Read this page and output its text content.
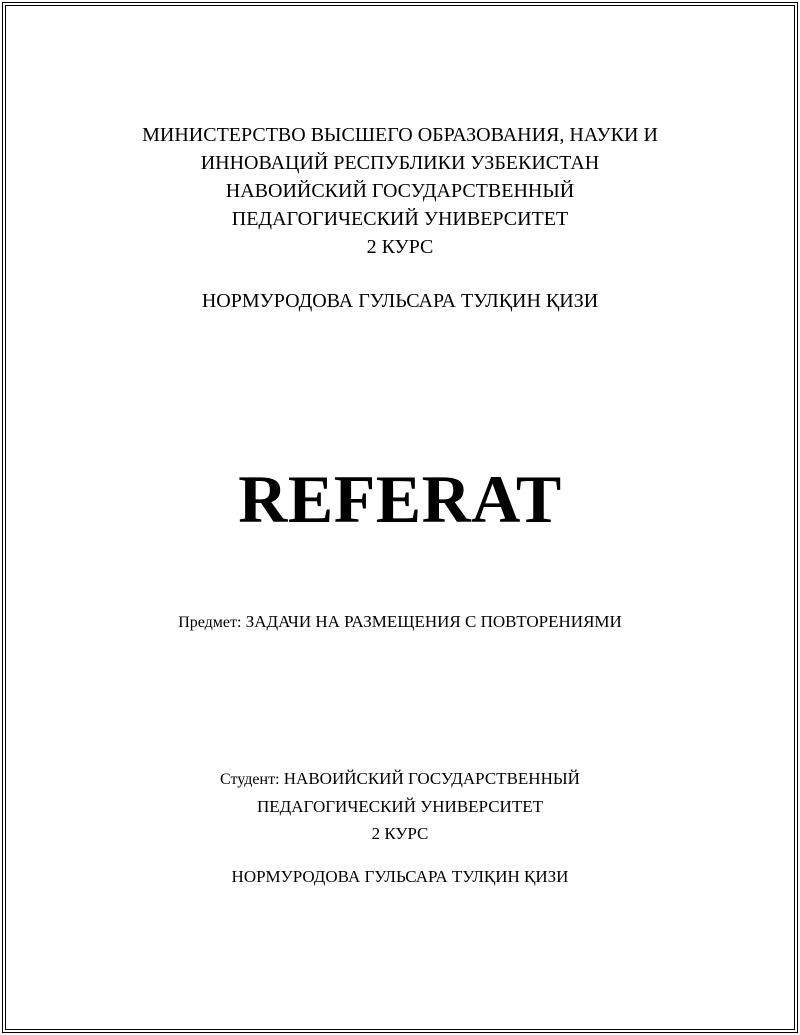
МИНИСТЕРСТВО ВЫСШЕГО ОБРАЗОВАНИЯ, НАУКИ И
ИННОВАЦИЙ РЕСПУБЛИКИ УЗБЕКИСТАН
НАВОИЙСКИЙ ГОСУДАРСТВЕННЫЙ
ПЕДАГОГИЧЕСКИЙ УНИВЕРСИТЕТ
2 КУРС
НОРМУРОДОВА ГУЛЬСАРА ТУЛҚИН ҚИЗИ
REFERAT
Предмет: ЗАДАЧИ НА РАЗМЕЩЕНИЯ С ПОВТОРЕНИЯМИ
Студент: НАВОИЙСКИЙ ГОСУДАРСТВЕННЫЙ
ПЕДАГОГИЧЕСКИЙ УНИВЕРСИТЕТ
2 КУРС
НОРМУРОДОВА ГУЛЬСАРА ТУЛҚИН ҚИЗИ
